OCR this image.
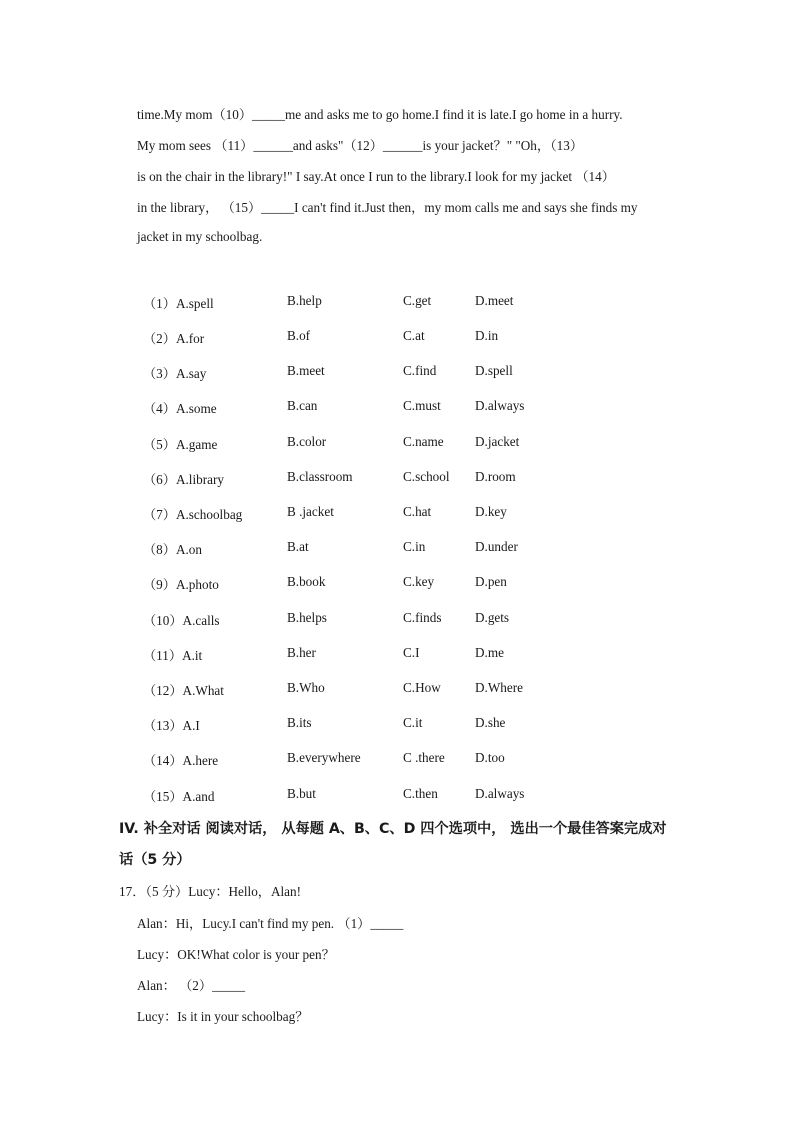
time.My mom（10）_____me and asks me to go home.I find it is late.I go home in a hurry.
My mom sees （11）______and asks"（12）______is your jacket？" "Oh，（13）
is on the chair in the library!" I say.At once I run to the library.I look for my jacket （14）
in the library， （15）_____I can't find it.Just then，my mom calls me and says she finds my
jacket in my schoolbag.
（1）A.spell	B.help	C.get	D.meet
（2）A.for	B.of	C.at	D.in
（3）A.say	B.meet	C.find	D.spell
（4）A.some	B.can	C.must	D.always
（5）A.game	B.color	C.name D.jacket
（6）A.library	B.classroom	C.school D.room
（7）A.schoolbag	B .jacket	C.hat	D.key
（8）A.on	B.at	C.in	D.under
（9）A.photo	B.book	C.key	D.pen
（10）A.calls	B.helps	C.finds	D.gets
（11）A.it	B.her	C.I	D.me
（12）A.What	B.Who	C.How	D.Where
（13）A.I	B.its	C.it	D.she
（14）A.here	B.everywhere	C .there D.too
（15）A.and	B.but	C.then	D.always
IV. 补全对话 阅读对话， 从每题 A、B、C、D 四个选项中， 选出一个最佳答案完成对
话（5 分）
17．（5 分）Lucy：Hello，Alan!
Alan：Hi，Lucy.I can't find my pen. （1）_____
Lucy：OK!What color is your pen？
Alan： （2）_____
Lucy：Is it in your schoolbag？
